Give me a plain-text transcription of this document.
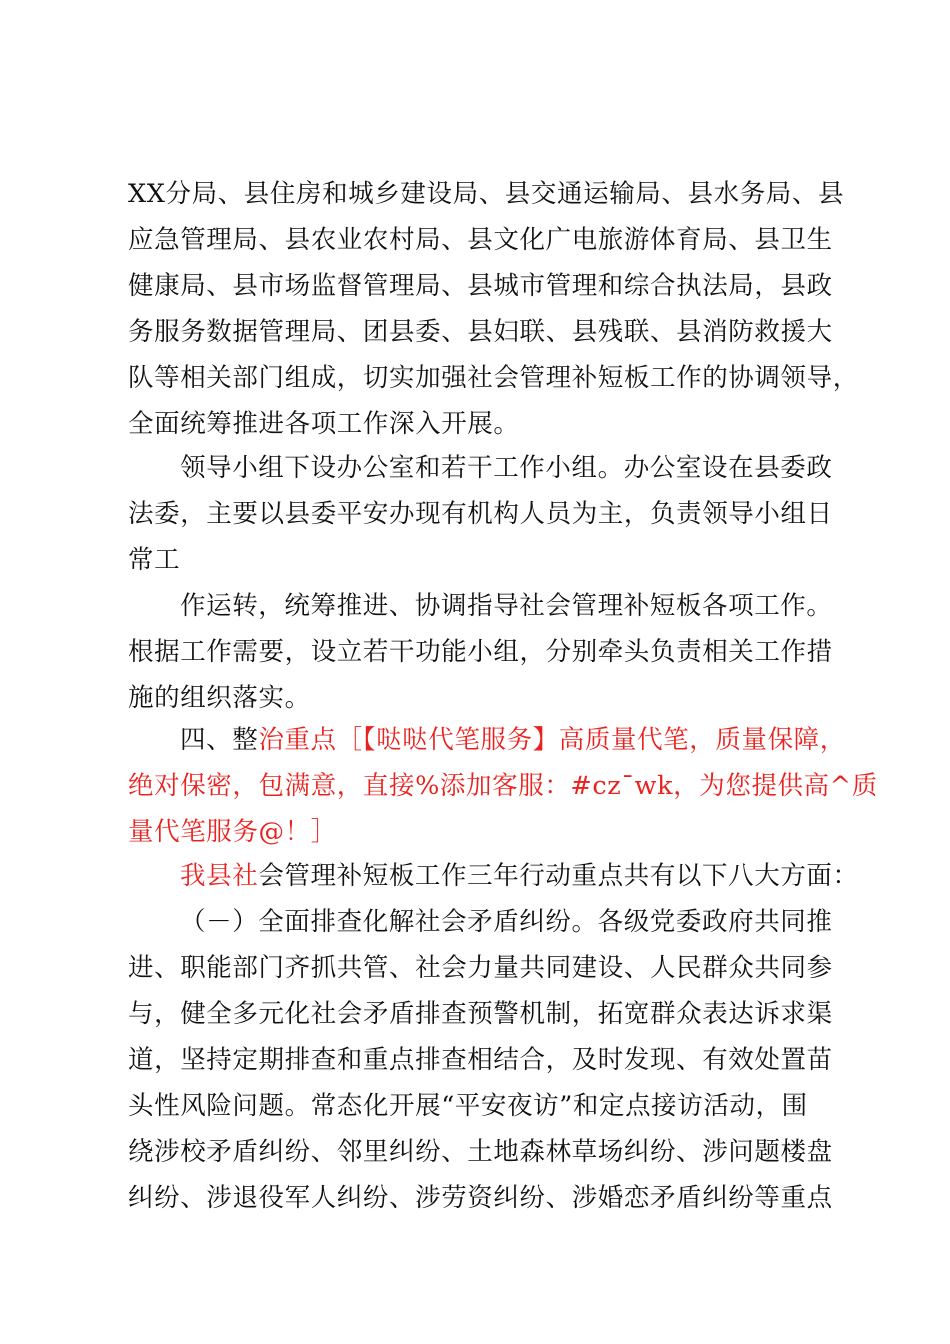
XX分局、县住房和城乡建设局、县交通运输局、县水务局、县
应急管理局、县农业农村局、县文化广电旅游体育局、县卫生
健康局、县市场监督管理局、县城市管理和综合执法局，县政
务服务数据管理局、团县委、县妇联、县残联、县消防救援大
队等相关部门组成，切实加强社会管理补短板工作的协调领导，
全面统筹推进各项工作深入开展。
领导小组下设办公室和若干工作小组。办公室设在县委政
法委，主要以县委平安办现有机构人员为主，负责领导小组日
常工
作运转，统筹推进、协调指导社会管理补短板各项工作。
根据工作需要，设立若干功能小组，分别牵头负责相关工作措
施的组织落实。
四、整治重点［【哒哒代笔服务】高质量代笔，质量保障，
绝对保密，包满意，直接%添加客服：#cz¯wk，为您提供高^质
量代笔服务@！］
我县社会管理补短板工作三年行动重点共有以下八大方面：
（－）全面排查化解社会矛盾纠纷。各级党委政府共同推
进、职能部门齐抓共管、社会力量共同建设、人民群众共同参
与，健全多元化社会矛盾排查预警机制，拓宽群众表达诉求渠
道，坚持定期排查和重点排查相结合，及时发现、有效处置苗
头性风险问题。常态化开展“平安夜访”和定点接访活动，围
绕涉校矛盾纠纷、邻里纠纷、土地森林草场纠纷、涉问题楼盘
纠纷、涉退役军人纠纷、涉劳资纠纷、涉婚恋矛盾纠纷等重点
